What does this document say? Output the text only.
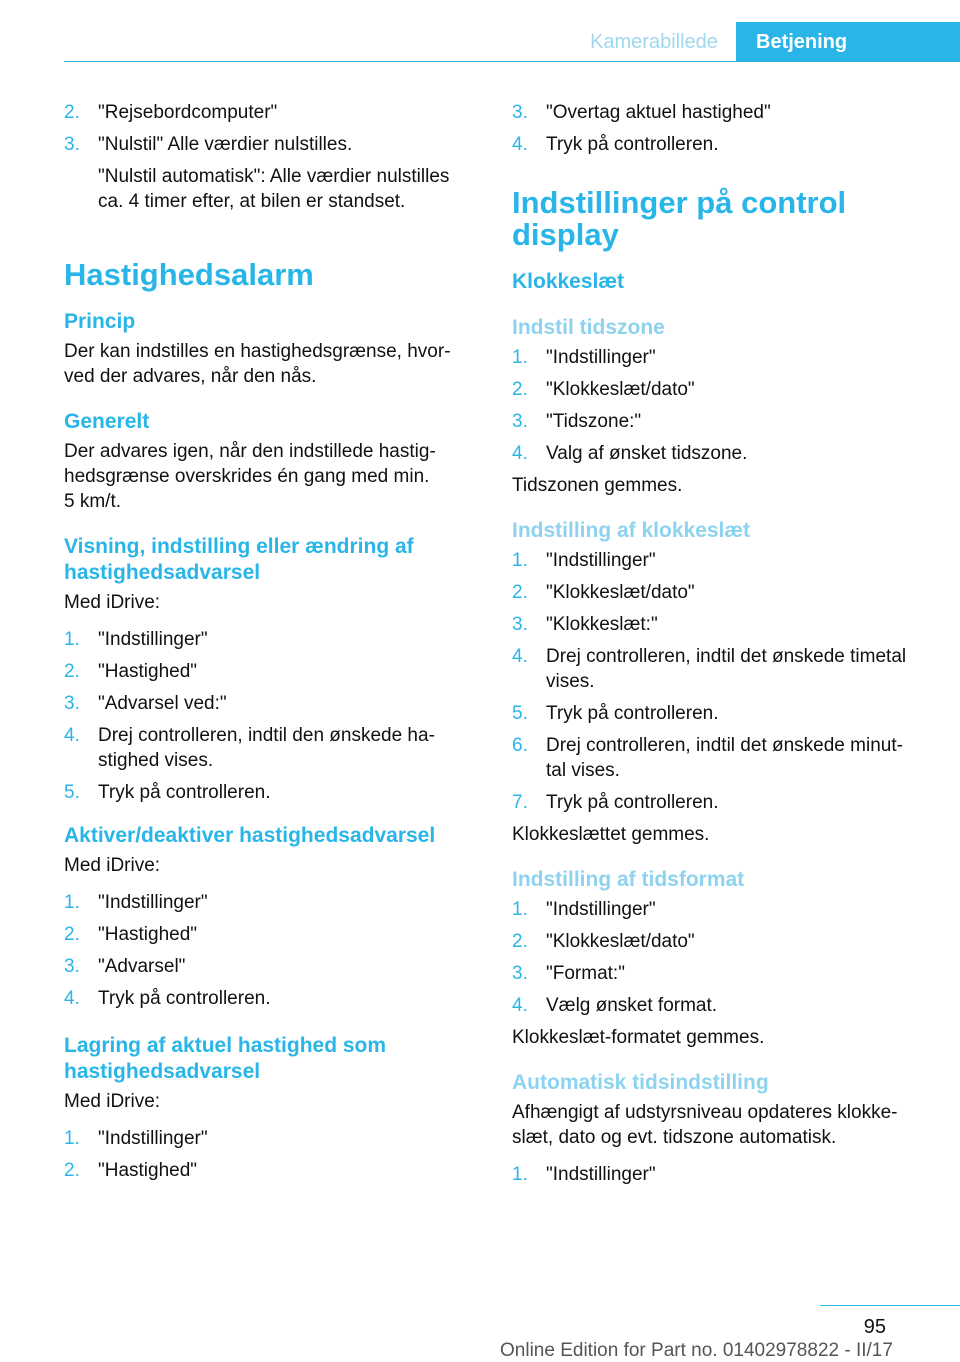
Kamerabillede	Betjening
2. "Rejsebordcomputer"
3. "Nulstil" Alle værdier nulstilles.

"Nulstil automatisk": Alle værdier nulstilles
ca. 4 timer efter, at bilen er standset.

Hastighedsalarm
Princip

Der kan indstilles en hastighedsgrænse, hvor-
ved der advares, når den nås.

Generelt

Der advares igen, når den indstillede hastig-
hedsgrænse overskrides én gang med min.
5 km/t.

Visning, indstilling eller ændring af
hastighedsadvarsel

Med iDrive:

1. "Indstillinger"
2. "Hastighed"
3. "Advarsel ved:"
4. Drej controlleren, indtil den ønskede ha-
stighed vises.
5. Tryk på controlleren.
Aktiver/deaktiver hastighedsadvarsel

Med iDrive:

1. "Indstillinger"
2. "Hastighed"
3. "Advarsel"
4. Tryk på controlleren.
Lagring af aktuel hastighed som
hastighedsadvarsel

Med iDrive:

1. "Indstillinger"
2. "Hastighed"
3. "Overtag aktuel hastighed"
4. Tryk på controlleren.
Indstillinger på control
display
Klokkeslæt
Indstil tidszone
1. "Indstillinger"
2. "Klokkeslæt/dato"
3. "Tidszone:"
4. Valg af ønsket tidszone.

Tidszonen gemmes.

Indstilling af klokkeslæt
1. "Indstillinger"
2. "Klokkeslæt/dato"
3. "Klokkeslæt:"
4. Drej controlleren, indtil det ønskede timetal
vises.
5. Tryk på controlleren.
6. Drej controlleren, indtil det ønskede minut-
tal vises.
7. Tryk på controlleren.

Klokkeslættet gemmes.

Indstilling af tidsformat
1. "Indstillinger"
2. "Klokkeslæt/dato"
3. "Format:"
4. Vælg ønsket format.

Klokkeslæt-formatet gemmes.

Automatisk tidsindstilling

Afhængigt af udstyrsniveau opdateres klokke-
slæt, dato og evt. tidszone automatisk.

1. "Indstillinger"
95
Online Edition for Part no. 01402978822 - II/17
